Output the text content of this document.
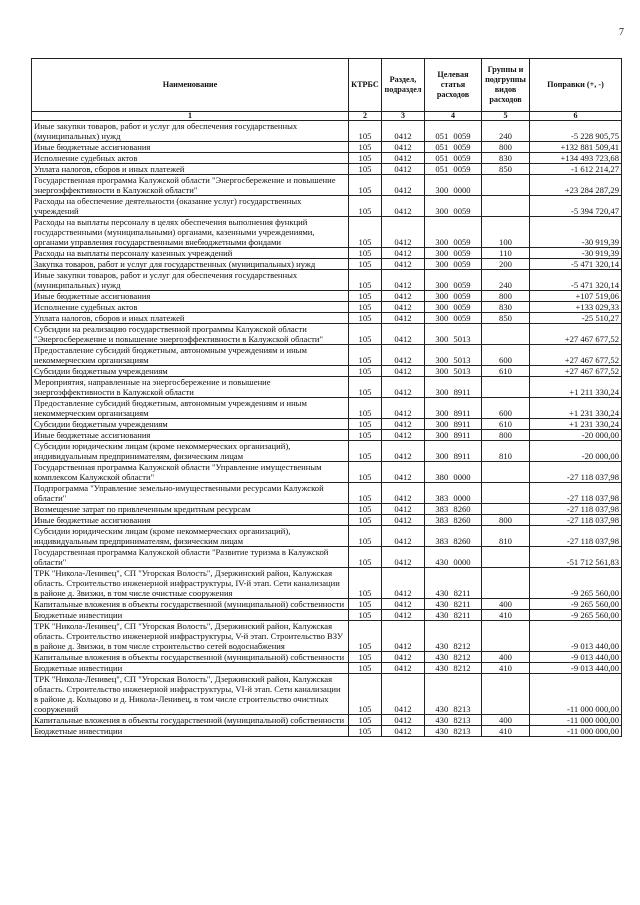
7
Наименование	КТРБС	Раздел, подраздел	Целевая статья расходов	Группы и подгруппы видов расходов	Поправки (+, -)
1	2	3	4	5	6
Иные закупки товаров, работ и услуг для обеспечения государственных (муниципальных) нужд	105	0412	051 0059	240	-5 228 905,75
Иные бюджетные ассигнования	105	0412	051 0059	800	+132 881 509,41
Исполнение судебных актов	105	0412	051 0059	830	+134 493 723,68
Уплата налогов, сборов и иных платежей	105	0412	051 0059	850	-1 612 214,27
Государственная программа Калужской области "Энергосбережение и повышение энергоэффективности в Калужской области"	105	0412	300 0000		+23 284 287,29
Расходы на обеспечение деятельности (оказание услуг) государственных учреждений	105	0412	300 0059		-5 394 720,47
Расходы на выплаты персоналу в целях обеспечения выполнения функций государственными (муниципальными) органами, казенными учреждениями, органами управления государственными внебюджетными фондами	105	0412	300 0059	100	-30 919,39
Расходы на выплаты персоналу казенных учреждений	105	0412	300 0059	110	-30 919,39
Закупка товаров, работ и услуг для государственных (муниципальных) нужд	105	0412	300 0059	200	-5 471 320,14
Иные закупки товаров, работ и услуг для обеспечения государственных (муниципальных) нужд	105	0412	300 0059	240	-5 471 320,14
Иные бюджетные ассигнования	105	0412	300 0059	800	+107 519,06
Исполнение судебных актов	105	0412	300 0059	830	+133 029,33
Уплата налогов, сборов и иных платежей	105	0412	300 0059	850	-25 510,27
Субсидии на реализацию государственной программы Калужской области "Энергосбережение и повышение энергоэффективности в Калужской области"	105	0412	300 5013		+27 467 677,52
Предоставление субсидий бюджетным, автономным учреждениям и иным некоммерческим организациям	105	0412	300 5013	600	+27 467 677,52
Субсидии бюджетным учреждениям	105	0412	300 5013	610	+27 467 677,52
Мероприятия, направленные на энергосбережение и повышение энергоэффективности в Калужской области	105	0412	300 8911		+1 211 330,24
Предоставление субсидий бюджетным, автономным учреждениям и иным некоммерческим организациям	105	0412	300 8911	600	+1 231 330,24
Субсидии бюджетным учреждениям	105	0412	300 8911	610	+1 231 330,24
Иные бюджетные ассигнования	105	0412	300 8911	800	-20 000,00
Субсидии юридическим лицам (кроме некоммерческих организаций), индивидуальным предпринимателям, физическим лицам	105	0412	300 8911	810	-20 000,00
Государственная программа Калужской области "Управление имущественным комплексом Калужской области"	105	0412	380 0000		-27 118 037,98
Подпрограмма "Управление земельно-имущественными ресурсами Калужской области"	105	0412	383 0000		-27 118 037,98
Возмещение затрат по привлеченным кредитным ресурсам	105	0412	383 8260		-27 118 037,98
Иные бюджетные ассигнования	105	0412	383 8260	800	-27 118 037,98
Субсидии юридическим лицам (кроме некоммерческих организаций), индивидуальным предпринимателям, физическим лицам	105	0412	383 8260	810	-27 118 037,98
Государственная программа Калужской области "Развитие туризма в Калужской области"	105	0412	430 0000		-51 712 561,83
ТРК "Никола-Ленивец", СП "Угорская Волость", Дзержинский район, Калужская область. Строительство инженерной инфраструктуры, IV-й этап. Сети канализации в районе д. Звизжи, в том числе очистные сооружения	105	0412	430 8211		-9 265 560,00
Капитальные вложения в объекты государственной (муниципальной) собственности	105	0412	430 8211	400	-9 265 560,00
Бюджетные инвестиции	105	0412	430 8211	410	-9 265 560,00
ТРК "Никола-Ленивец", СП "Угорская Волость", Дзержинский район, Калужская область. Строительство инженерной инфраструктуры, V-й этап. Строительство ВЗУ в районе д. Звизжи, в том числе строительство сетей водоснабжения	105	0412	430 8212		-9 013 440,00
Капитальные вложения в объекты государственной (муниципальной) собственности	105	0412	430 8212	400	-9 013 440,00
Бюджетные инвестиции	105	0412	430 8212	410	-9 013 440,00
ТРК "Никола-Ленивец", СП "Угорская Волость", Дзержинский район, Калужская область. Строительство инженерной инфраструктуры, VI-й этап. Сети канализации в районе д. Кольцово и д. Никола-Ленивец, в том числе строительство очистных сооружений	105	0412	430 8213		-11 000 000,00
Капитальные вложения в объекты государственной (муниципальной) собственности	105	0412	430 8213	400	-11 000 000,00
Бюджетные инвестиции	105	0412	430 8213	410	-11 000 000,00
